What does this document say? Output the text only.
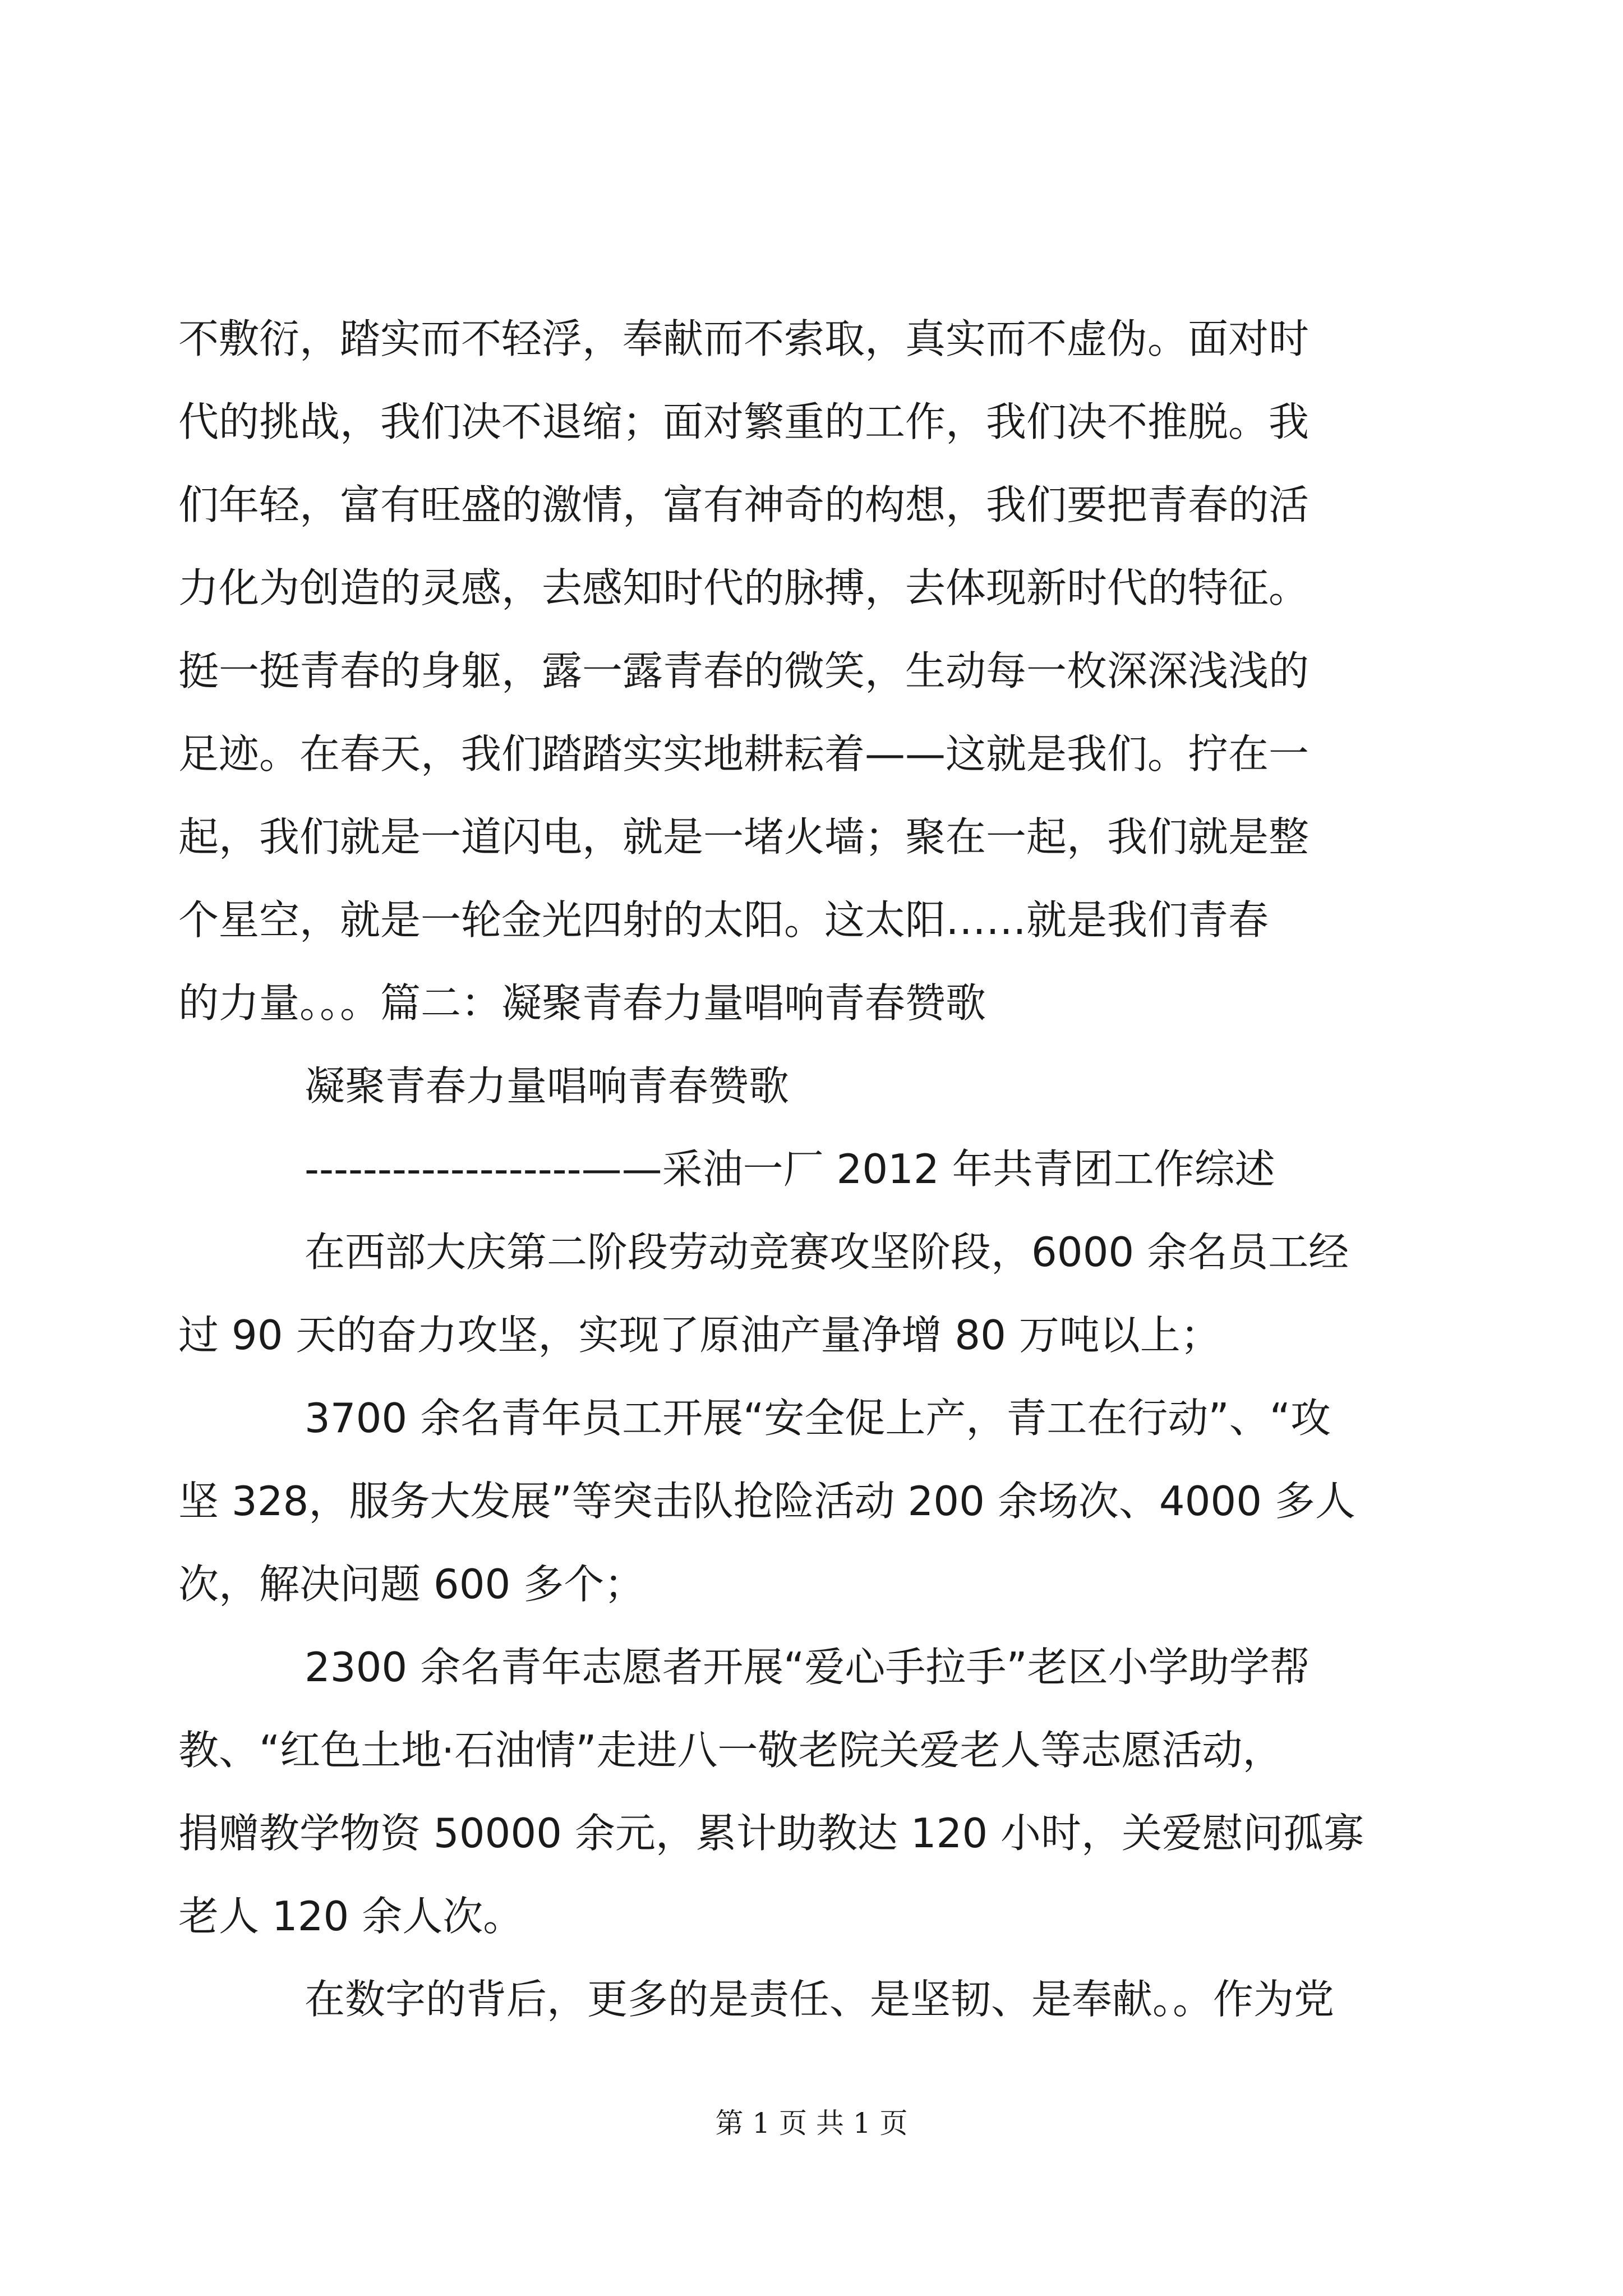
不敷衍，踏实而不轻浮，奉献而不索取，真实而不虚伪。面对时
代的挑战，我们决不退缩；面对繁重的工作，我们决不推脱。我
们年轻，富有旺盛的激情，富有神奇的构想，我们要把青春的活
力化为创造的灵感，去感知时代的脉搏，去体现新时代的特征。
挺一挺青春的身躯，露一露青春的微笑，生动每一枚深深浅浅的
足迹。在春天，我们踏踏实实地耕耘着——这就是我们。拧在一
起，我们就是一道闪电，就是一堵火墙；聚在一起，我们就是整
个星空，就是一轮金光四射的太阳。这太阳……就是我们青春
的力量。。。篇二：凝聚青春力量唱响青春赞歌
凝聚青春力量唱响青春赞歌
-------------------——采油一厂 2012 年共青团工作综述
在西部大庆第二阶段劳动竞赛攻坚阶段，6000 余名员工经
过 90 天的奋力攻坚，实现了原油产量净增 80 万吨以上；
3700 余名青年员工开展“安全促上产，青工在行动”、“攻
坚 328，服务大发展”等突击队抢险活动 200 余场次、4000 多人
次，解决问题 600 多个；
2300 余名青年志愿者开展“爱心手拉手”老区小学助学帮
教、“红色土地·石油情”走进八一敬老院关爱老人等志愿活动，
捐赠教学物资 50000 余元，累计助教达 120 小时，关爱慰问孤寡
老人 120 余人次。
在数字的背后，更多的是责任、是坚韧、是奉献。。作为党
第 1 页 共 1 页
